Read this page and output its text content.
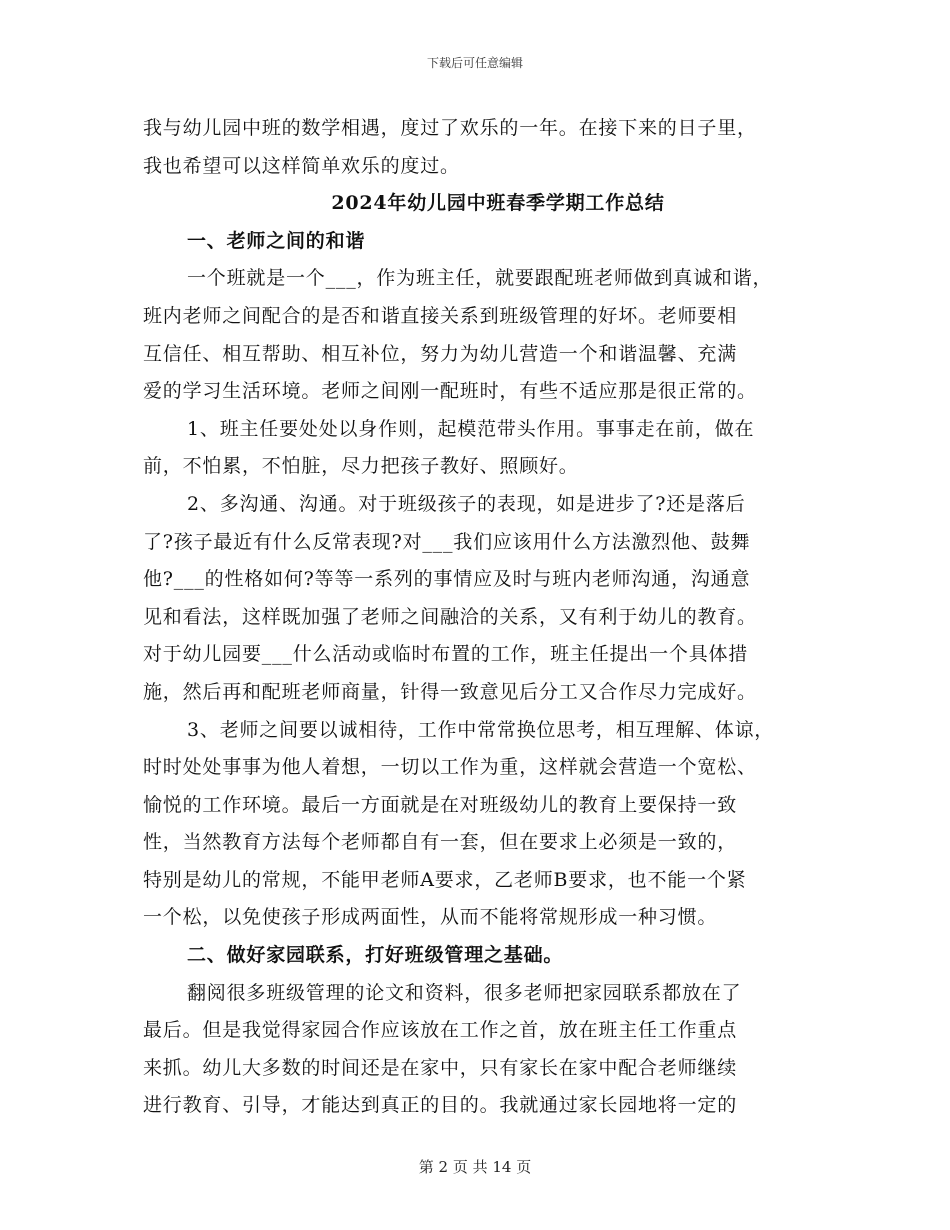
下载后可任意编辑
我与幼儿园中班的数学相遇，度过了欢乐的一年。在接下来的日子里，
我也希望可以这样简单欢乐的度过。
2024年幼儿园中班春季学期工作总结
一、老师之间的和谐
一个班就是一个___，作为班主任，就要跟配班老师做到真诚和谐，
班内老师之间配合的是否和谐直接关系到班级管理的好坏。老师要相
互信任、相互帮助、相互补位，努力为幼儿营造一个和谐温馨、充满
爱的学习生活环境。老师之间刚一配班时，有些不适应那是很正常的。
1、班主任要处处以身作则，起模范带头作用。事事走在前，做在
前，不怕累，不怕脏，尽力把孩子教好、照顾好。
2、多沟通、沟通。对于班级孩子的表现，如是进步了?还是落后
了?孩子最近有什么反常表现?对___我们应该用什么方法激烈他、鼓舞
他?___的性格如何?等等一系列的事情应及时与班内老师沟通，沟通意
见和看法，这样既加强了老师之间融洽的关系，又有利于幼儿的教育。
对于幼儿园要___什么活动或临时布置的工作，班主任提出一个具体措
施，然后再和配班老师商量，针得一致意见后分工又合作尽力完成好。
3、老师之间要以诚相待，工作中常常换位思考，相互理解、体谅，
时时处处事事为他人着想，一切以工作为重，这样就会营造一个宽松、
愉悦的工作环境。最后一方面就是在对班级幼儿的教育上要保持一致
性，当然教育方法每个老师都自有一套，但在要求上必须是一致的，
特别是幼儿的常规，不能甲老师A要求，乙老师B要求，也不能一个紧
一个松，以免使孩子形成两面性，从而不能将常规形成一种习惯。
二、做好家园联系，打好班级管理之基础。
翻阅很多班级管理的论文和资料，很多老师把家园联系都放在了
最后。但是我觉得家园合作应该放在工作之首，放在班主任工作重点
来抓。幼儿大多数的时间还是在家中，只有家长在家中配合老师继续
进行教育、引导，才能达到真正的目的。我就通过家长园地将一定的
第 2 页 共 14 页
